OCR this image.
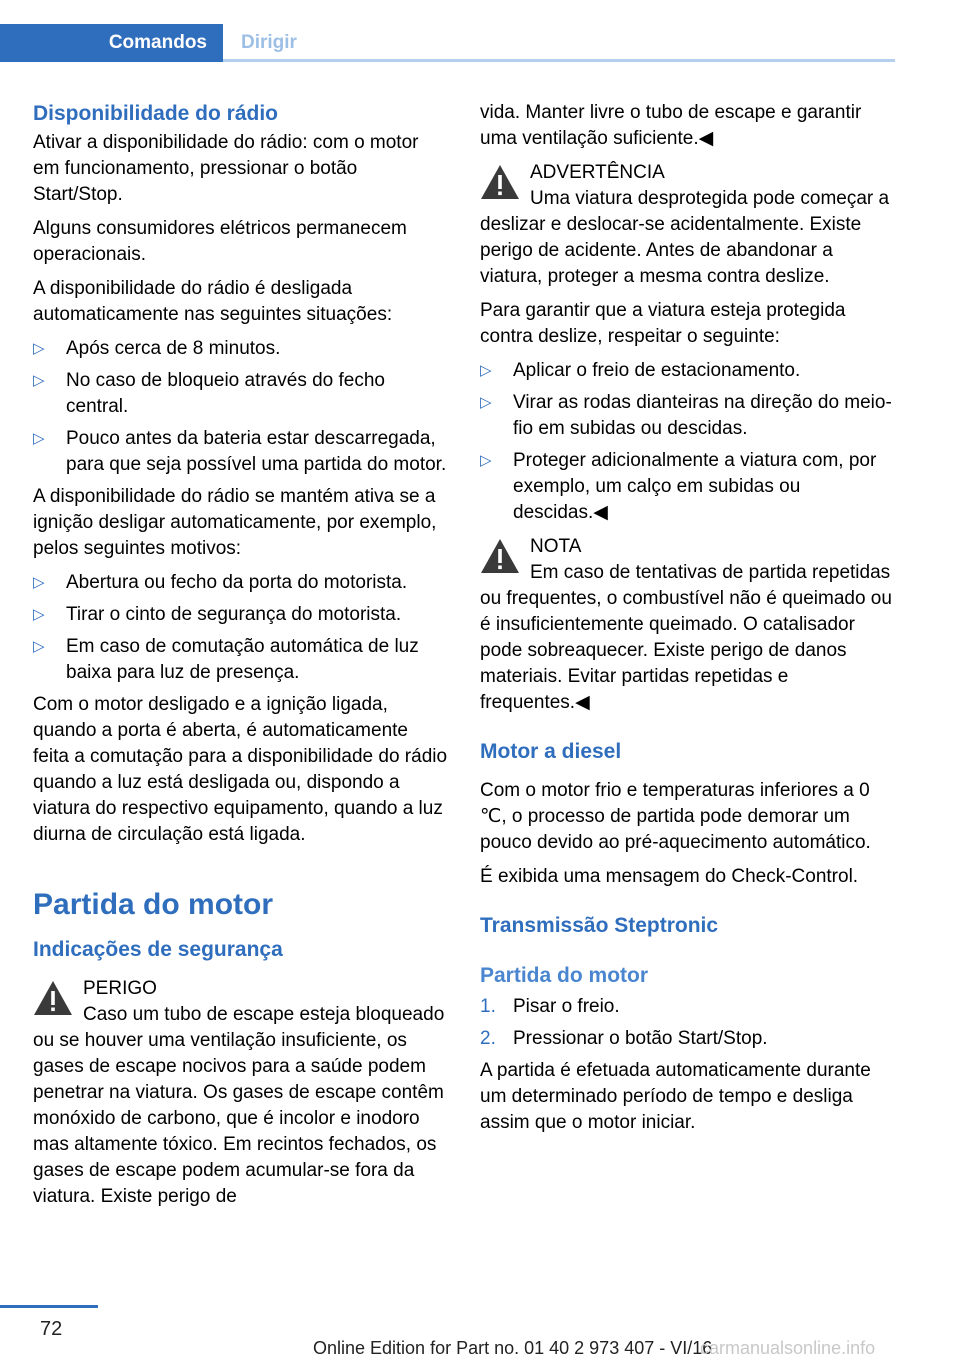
Comandos	Dirigir
Disponibilidade do rádio

Ativar a disponibilidade do rádio: com o motor em funcionamento, pressionar o botão Start/Stop.

Alguns consumidores elétricos permanecem operacionais.

A disponibilidade do rádio é desligada automaticamente nas seguintes situações:

▷ Após cerca de 8 minutos.
▷ No caso de bloqueio através do fecho central.
▷ Pouco antes da bateria estar descarregada, para que seja possível uma partida do motor.

A disponibilidade do rádio se mantém ativa se a ignição desligar automaticamente, por exemplo, pelos seguintes motivos:

▷ Abertura ou fecho da porta do motorista.
▷ Tirar o cinto de segurança do motorista.
▷ Em caso de comutação automática de luz baixa para luz de presença.

Com o motor desligado e a ignição ligada, quando a porta é aberta, é automaticamente feita a comutação para a disponibilidade do rádio quando a luz está desligada ou, dispondo a viatura do respectivo equipamento, quando a luz diurna de circulação está ligada.

Partida do motor
Indicações de segurança
PERIGO
Caso um tubo de escape esteja bloqueado ou se houver uma ventilação insuficiente, os gases de escape nocivos para a saúde podem penetrar na viatura. Os gases de escape contêm monóxido de carbono, que é incolor e inodoro mas altamente tóxico. Em recintos fechados, os gases de escape podem acumular-se fora da viatura. Existe perigo de

vida. Manter livre o tubo de escape e garantir uma ventilação suficiente.◀

ADVERTÊNCIA
Uma viatura desprotegida pode começar a deslizar e deslocar-se acidentalmente. Existe perigo de acidente. Antes de abandonar a viatura, proteger a mesma contra deslize.

Para garantir que a viatura esteja protegida contra deslize, respeitar o seguinte:

▷ Aplicar o freio de estacionamento.
▷ Virar as rodas dianteiras na direção do meio-fio em subidas ou descidas.
▷ Proteger adicionalmente a viatura com, por exemplo, um calço em subidas ou descidas.◀
NOTA
Em caso de tentativas de partida repetidas ou frequentes, o combustível não é queimado ou é insuficientemente queimado. O catalisador pode sobreaquecer. Existe perigo de danos materiais. Evitar partidas repetidas e frequentes.◀
Motor a diesel

Com o motor frio e temperaturas inferiores a 0 ℃, o processo de partida pode demorar um pouco devido ao pré-aquecimento automático.

É exibida uma mensagem do Check-Control.

Transmissão Steptronic
Partida do motor
1. Pisar o freio.
2. Pressionar o botão Start/Stop.

A partida é efetuada automaticamente durante um determinado período de tempo e desliga assim que o motor iniciar.

72
Online Edition for Part no. 01 40 2 973 407 - VI/16
carmanualsonline.info
